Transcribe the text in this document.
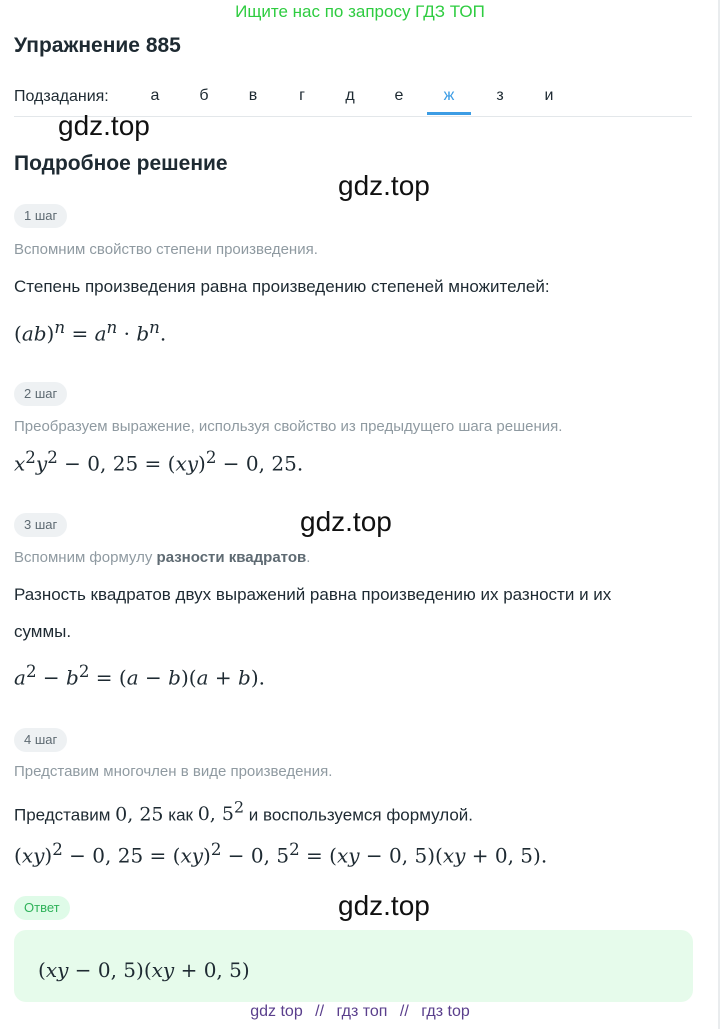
Ищите нас по запросу ГДЗ ТОП
Упражнение 885
Подзадания:	а	б	в	г	д	е	ж	з	и
gdz.top
Подробное решение
gdz.top
1 шаг
Вспомним свойство степени произведения.
Степень произведения равна произведению степеней множителей:
$(ab)^n = a^n \cdot b^n$.
2 шаг
Преобразуем выражение, используя свойство из предыдущего шага решения.
$x^2y^2 - 0$, 25 = (xy)$^2$ − 0, 25.
3 шаг	gdz.top
Вспомним формулу разности квадратов.
Разность квадратов двух выражений равна произведению их разности и их
суммы.
$a^2 - b^2 = (a - b)(a + b)$.
4 шаг
Представим многочлен в виде произведения.
Представим 0, 25 как 0, $5^2$ и воспользуемся формулой.
(xy)$^2$ − 0, 25 = (xy)$^2$ − 0, $5^2 = (xy - 0$, 5)(xy + 0, 5).
Ответ	gdz.top
(xy − 0, 5)(xy + 0, 5)
gdz top // гдз топ // гдз top
